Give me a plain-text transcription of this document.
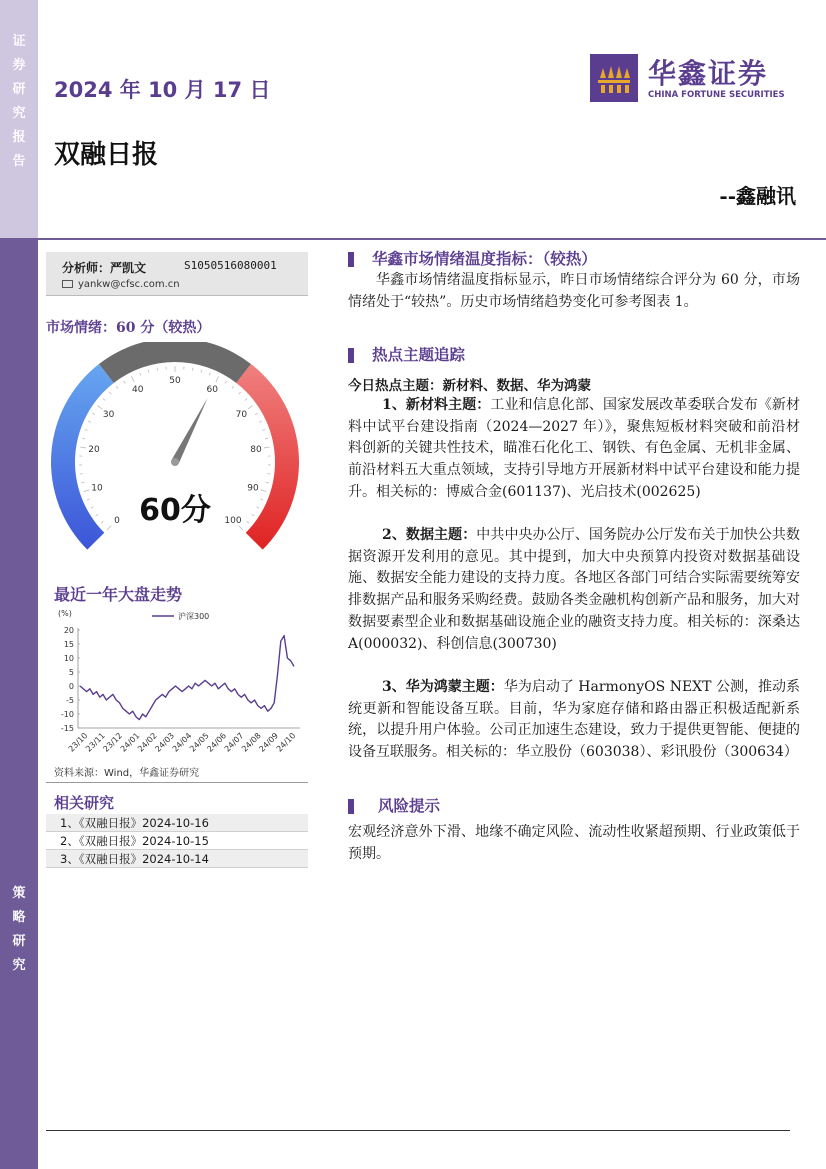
证
券
研
究
报
告
策
略
研
究
2024 年 10 月 17 日
双融日报
--鑫融讯
华鑫证券
CHINA FORTUNE SECURITIES
分析师：严凯文	S1050516080001
yankw@cfsc.com.cn
市场情绪：60 分（较热）
0
10
20
30
40
50
60
70
80
90
100
60分
最近一年大盘走势
(%)	沪深300
20
15
10
5
0
-5
-10
-15
23/10
23/11
23/12
24/01
24/02
24/03
24/04
24/05
24/06
24/07
24/08
24/09
24/10
资料来源：Wind，华鑫证券研究
相关研究
1、《双融日报》2024-10-16
2、《双融日报》2024-10-15
3、《双融日报》2024-10-14
华鑫市场情绪温度指标：（较热）
华鑫市场情绪温度指标显示，昨日市场情绪综合评分为 60 分，市场情绪处于“较热”。历史市场情绪趋势变化可参考图表 1。
热点主题追踪
今日热点主题：新材料、数据、华为鸿蒙
1、新材料主题：工业和信息化部、国家发展改革委联合发布《新材料中试平台建设指南（2024—2027 年）》，聚焦短板材料突破和前沿材料创新的关键共性技术，瞄准石化化工、钢铁、有色金属、无机非金属、前沿材料五大重点领域，支持引导地方开展新材料中试平台建设和能力提升。相关标的：博威合金(601137)、光启技术(002625)
2、数据主题：中共中央办公厅、国务院办公厅发布关于加快公共数据资源开发利用的意见。其中提到，加大中央预算内投资对数据基础设施、数据安全能力建设的支持力度。各地区各部门可结合实际需要统筹安排数据产品和服务采购经费。鼓励各类金融机构创新产品和服务，加大对数据要素型企业和数据基础设施企业的融资支持力度。相关标的：深桑达 A(000032)、科创信息(300730)
3、华为鸿蒙主题：华为启动了 HarmonyOS NEXT 公测，推动系统更新和智能设备互联。目前，华为家庭存储和路由器正积极适配新系统，以提升用户体验。公司正加速生态建设，致力于提供更智能、便捷的设备互联服务。相关标的：华立股份（603038）、彩讯股份（300634）
风险提示
宏观经济意外下滑、地缘不确定风险、流动性收紧超预期、行业政策低于预期。
